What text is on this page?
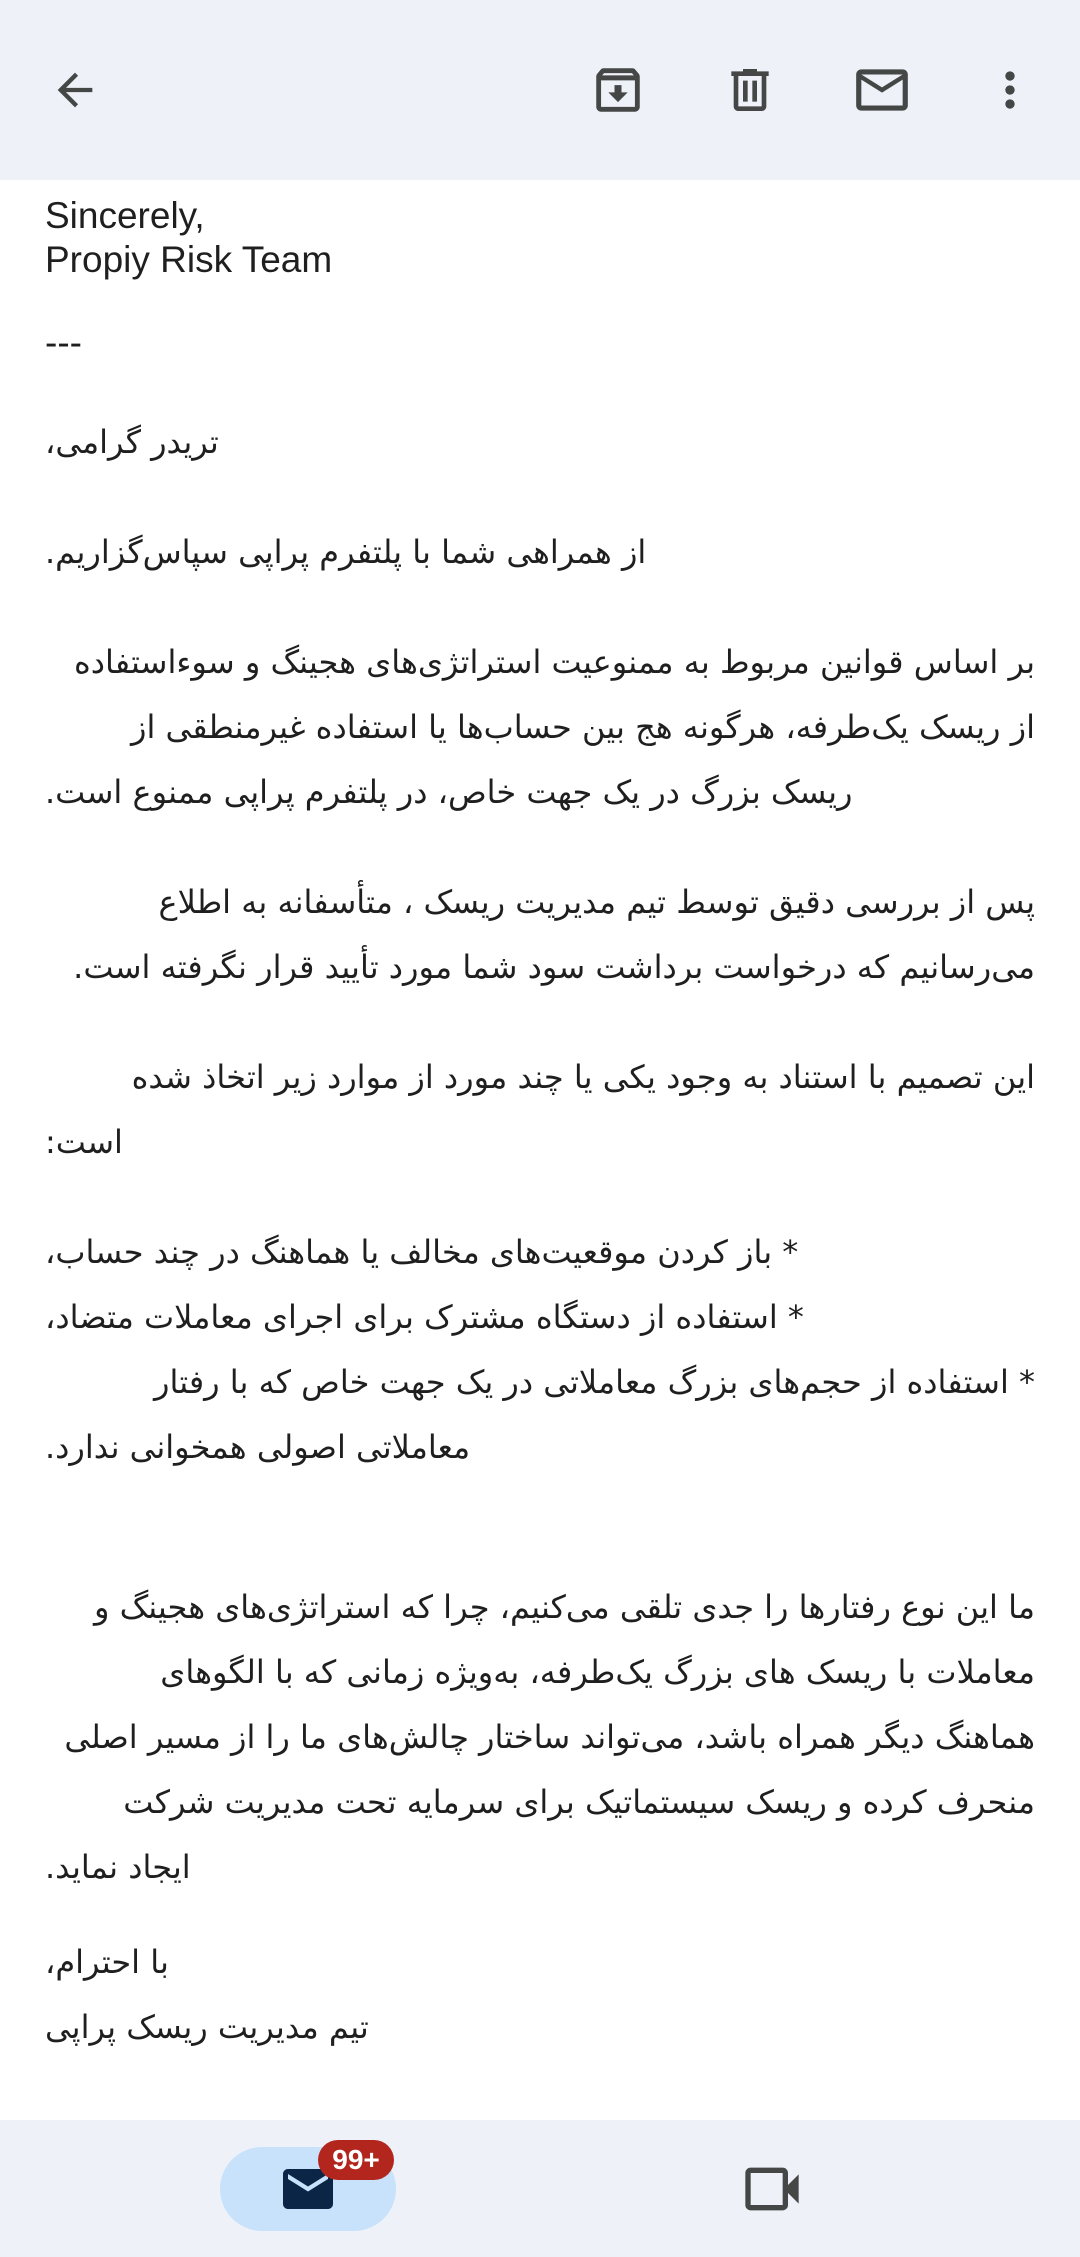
Sincerely,
Propiy Risk Team
---
تریدر گرامی،
از همراهی شما با پلتفرم پراپی سپاس‌گزاریم.
بر اساس قوانین مربوط به ممنوعیت استراتژی‌های هجینگ و سوءاستفاده
از ریسک یک‌طرفه، هرگونه هج بین حساب‌ها یا استفاده غیرمنطقی از
ریسک بزرگ در یک جهت خاص، در پلتفرم پراپی ممنوع است.
پس از بررسی دقیق توسط تیم مدیریت ریسک ، متأسفانه به اطلاع
می‌رسانیم که درخواست برداشت سود شما مورد تأیید قرار نگرفته است.
این تصمیم با استناد به وجود یکی یا چند مورد از موارد زیر اتخاذ شده
است:
* باز کردن موقعیت‌های مخالف یا هماهنگ در چند حساب،
* استفاده از دستگاه مشترک برای اجرای معاملات متضاد،
* استفاده از حجم‌های بزرگ معاملاتی در یک جهت خاص که با رفتار
معاملاتی اصولی همخوانی ندارد.
ما این نوع رفتارها را جدی تلقی می‌کنیم، چرا که استراتژی‌های هجینگ و
معاملات با ریسک های بزرگ یک‌طرفه، به‌ویژه زمانی که با الگوهای
هماهنگ دیگر همراه باشد، می‌تواند ساختار چالش‌های ما را از مسیر اصلی
منحرف کرده و ریسک سیستماتیک برای سرمایه تحت مدیریت شرکت
ایجاد نماید.
با احترام،
تیم مدیریت ریسک پراپی
99+
